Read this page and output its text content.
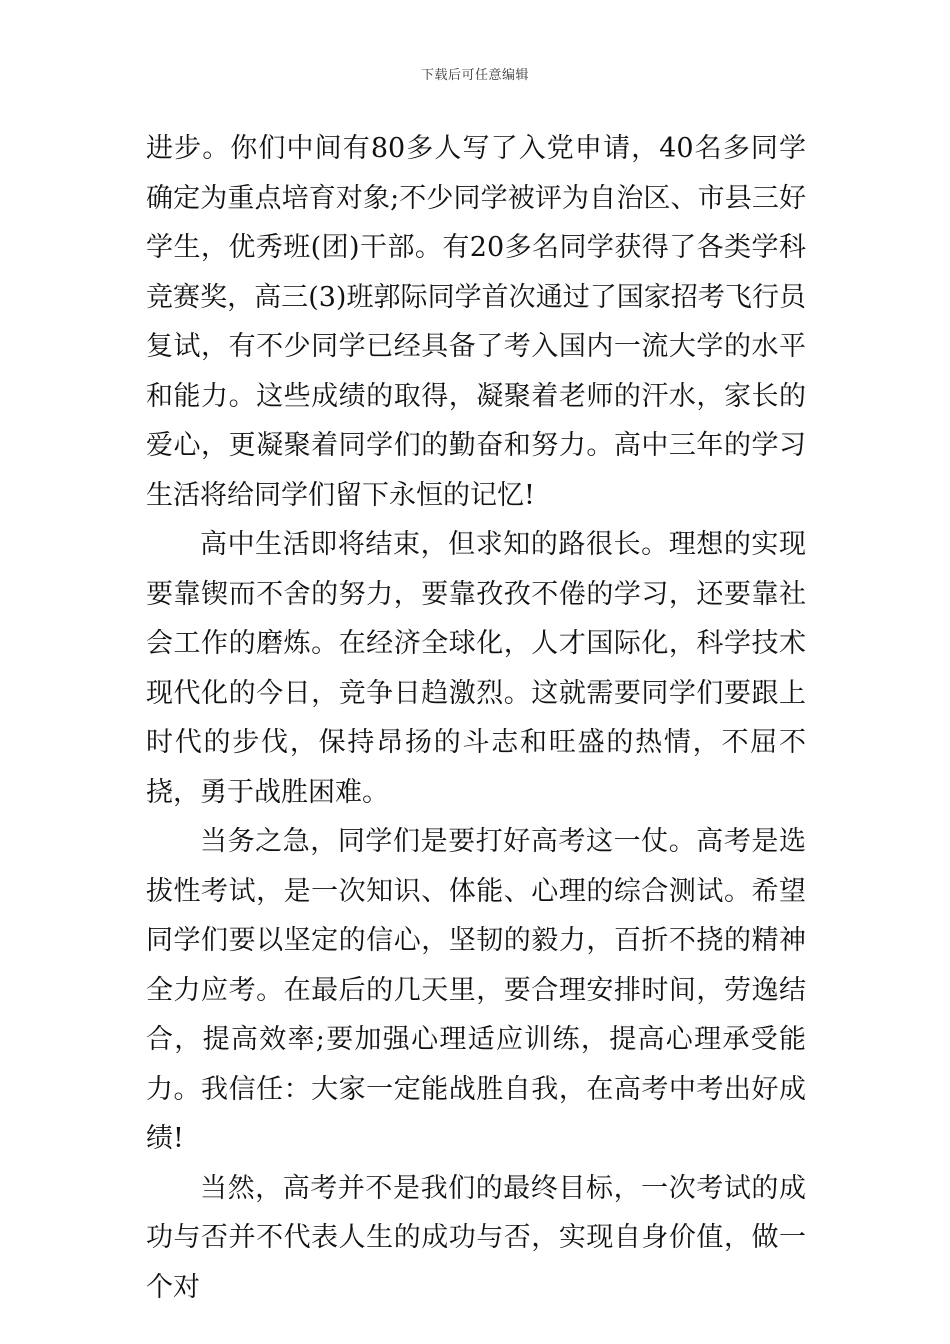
下载后可任意编辑

进步。你们中间有80多人写了入党申请，40名多同学确定为重点培育对象;不少同学被评为自治区、市县三好学生，优秀班(团)干部。有20多名同学获得了各类学科竞赛奖，高三(3)班郭际同学首次通过了国家招考飞行员复试，有不少同学已经具备了考入国内一流大学的水平和能力。这些成绩的取得，凝聚着老师的汗水，家长的爱心，更凝聚着同学们的勤奋和努力。高中三年的学习生活将给同学们留下永恒的记忆!

高中生活即将结束，但求知的路很长。理想的实现要靠锲而不舍的努力，要靠孜孜不倦的学习，还要靠社会工作的磨炼。在经济全球化，人才国际化，科学技术现代化的今日，竞争日趋激烈。这就需要同学们要跟上时代的步伐，保持昂扬的斗志和旺盛的热情，不屈不挠，勇于战胜困难。

当务之急，同学们是要打好高考这一仗。高考是选拔性考试，是一次知识、体能、心理的综合测试。希望同学们要以坚定的信心，坚韧的毅力，百折不挠的精神全力应考。在最后的几天里，要合理安排时间，劳逸结合，提高效率;要加强心理适应训练，提高心理承受能力。我信任：大家一定能战胜自我，在高考中考出好成绩!

当然，高考并不是我们的最终目标，一次考试的成功与否并不代表人生的成功与否，实现自身价值，做一个对
